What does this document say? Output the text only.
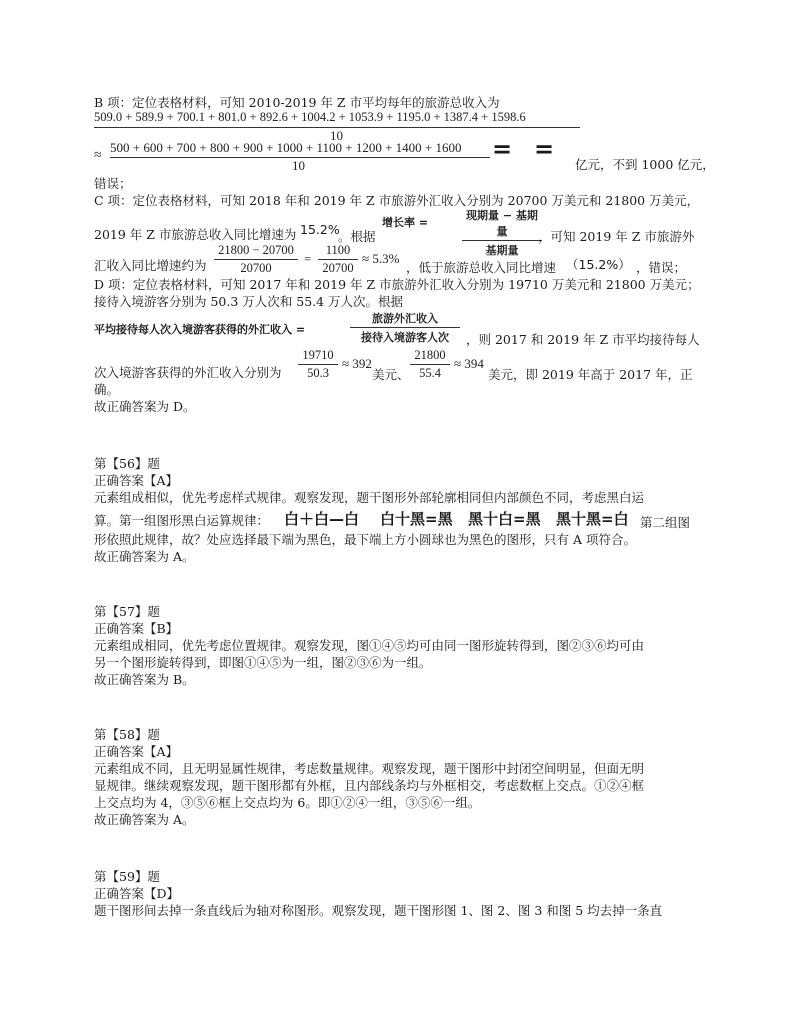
B 项：定位表格材料，可知 2010-2019 年 Z 市平均每年的旅游总收入为
509.0 + 589.9 + 700.1 + 801.0 + 892.6 + 1004.2 + 1053.9 + 1195.0 + 1387.4 + 1598.6
10
≈
500 + 600 + 700 + 800 + 900 + 1000 + 1100 + 1200 + 1400 + 1600
10
= =
亿元，不到 1000 亿元，
错误；
C 项：定位表格材料，可知 2018 年和 2019 年 Z 市旅游外汇收入分别为 20700 万美元和 21800 万美元，
2019 年 Z 市旅游总收入同比增速为 15.2%
。根据
增长率 =
现期量 − 基期量
基期量
，可知 2019 年 Z 市旅游外
汇收入同比增速约为 $\frac{21800 - 20700}{20700} = \frac{1100}{20700} \approx 5.3\%$
，低于旅游总收入同比增速 （15.2%） ，错误；
D 项：定位表格材料，可知 2017 年和 2019 年 Z 市旅游外汇收入分别为 19710 万美元和 21800 万美元；
接待入境游客分别为 50.3 万人次和 55.4 万人次。根据
平均接待每人次入境游客获得的外汇收入 =
旅游外汇收入
接待入境游客人次	，则 2017 和 2019 年 Z 市平均接待每人
次入境游客获得的外汇收入分别为 $\frac{19710}{50.3} \approx 392$
美元、 $\frac{21800}{55.4} \approx 394$
美元，即 2019 年高于 2017 年，正
确。
故正确答案为 D。
第【56】题
正确答案【A】
元素组成相似，优先考虑样式规律。观察发现，题干图形外部轮廓相同但内部颜色不同，考虑黑白运
算。第一组图形黑白运算规律： 白＋白—白 白十黑=黑 黑十白=黑 黑十黑=白 第二组图
形依照此规律，故？处应选择最下端为黑色，最下端上方小圆球也为黑色的图形，只有 A 项符合。
故正确答案为 A。
第【57】题
正确答案【B】
元素组成相同，优先考虑位置规律。观察发现，图①④⑤均可由同一图形旋转得到，图②③⑥均可由
另一个图形旋转得到，即图①④⑤为一组，图②③⑥为一组。
故正确答案为 B。
第【58】题
正确答案【A】
元素组成不同，且无明显属性规律，考虑数量规律。观察发现，题干图形中封闭空间明显，但面无明
显规律。继续观察发现，题干图形都有外框，且内部线条均与外框相交，考虑数框上交点。①②④框
上交点均为 4，③⑤⑥框上交点均为 6。即①②④一组，③⑤⑥一组。
故正确答案为 A。
第【59】题
正确答案【D】
题干图形间去掉一条直线后为轴对称图形。观察发现，题干图形图 1、图 2、图 3 和图 5 均去掉一条直
